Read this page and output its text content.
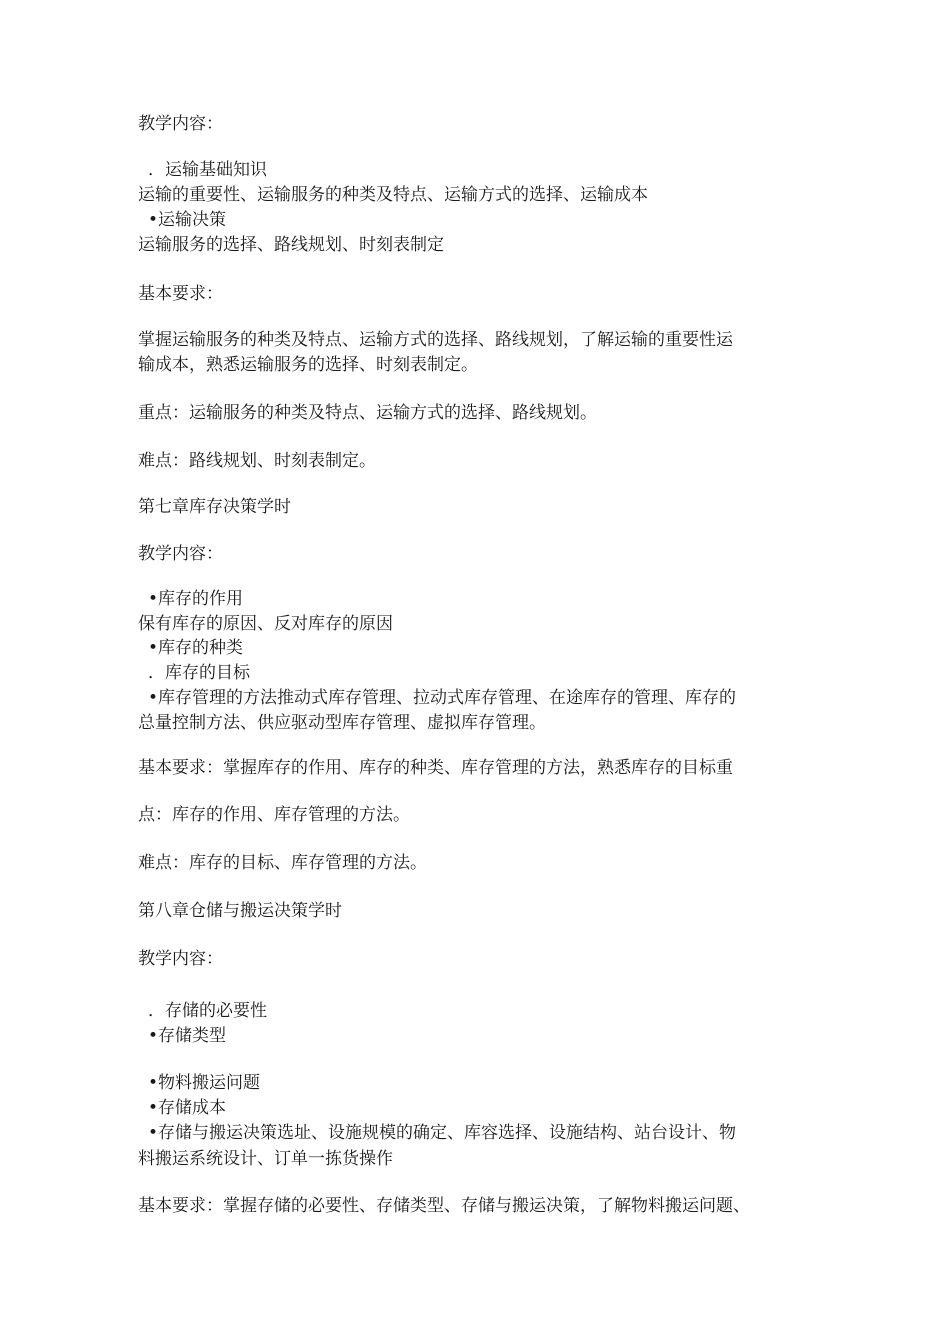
教学内容：
．运输基础知识
运输的重要性、运输服务的种类及特点、运输方式的选择、运输成本
•运输决策
运输服务的选择、路线规划、时刻表制定
基本要求：
掌握运输服务的种类及特点、运输方式的选择、路线规划，了解运输的重要性运
输成本，熟悉运输服务的选择、时刻表制定。
重点：运输服务的种类及特点、运输方式的选择、路线规划。
难点：路线规划、时刻表制定。
第七章库存决策学时
教学内容：
•库存的作用
保有库存的原因、反对库存的原因
•库存的种类
．库存的目标
•库存管理的方法推动式库存管理、拉动式库存管理、在途库存的管理、库存的
总量控制方法、供应驱动型库存管理、虚拟库存管理。
基本要求：掌握库存的作用、库存的种类、库存管理的方法，熟悉库存的目标重
点：库存的作用、库存管理的方法。
难点：库存的目标、库存管理的方法。
第八章仓储与搬运决策学时
教学内容：
．存储的必要性
•存储类型
•物料搬运问题
•存储成本
•存储与搬运决策选址、设施规模的确定、库容选择、设施结构、站台设计、物
料搬运系统设计、订单一拣货操作
基本要求：掌握存储的必要性、存储类型、存储与搬运决策，了解物料搬运问题、
